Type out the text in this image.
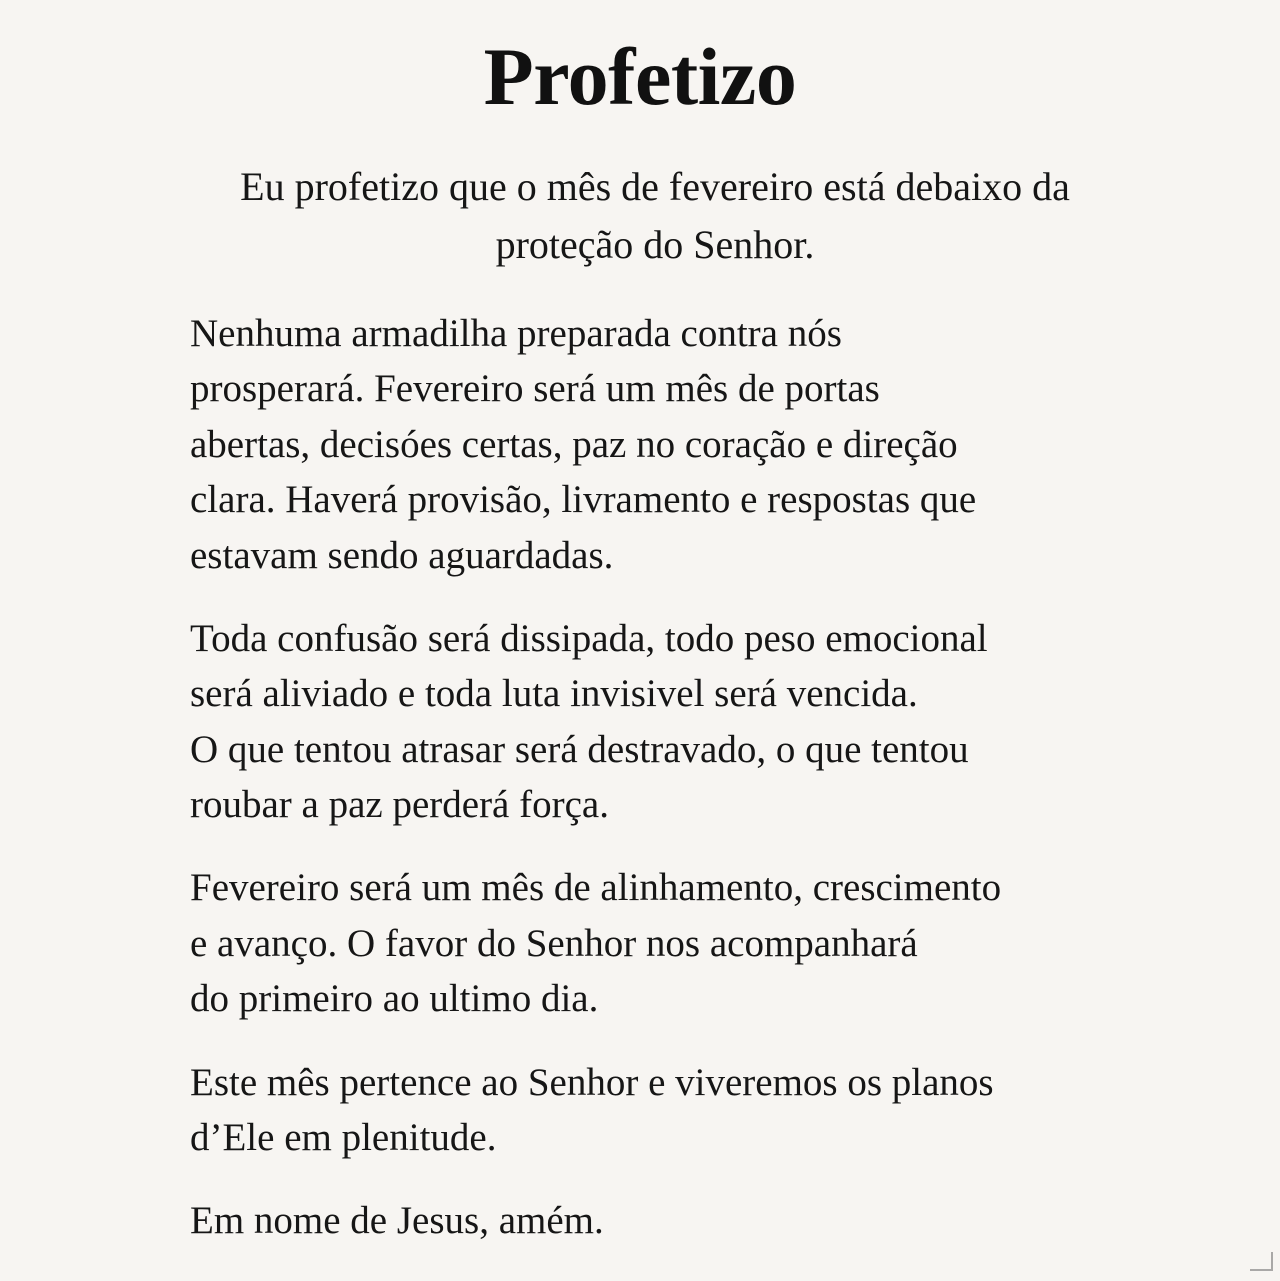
Profetizo

Eu profetizo que o mês de fevereiro está debaixo da proteção do Senhor.

Nenhuma armadilha preparada contra nós
prosperará. Fevereiro será um mês de portas
abertas, decisóes certas, paz no coração e direção
clara. Haverá provisão, livramento e respostas que
estavam sendo aguardadas.

Toda confusão será dissipada, todo peso emocional
será aliviado e toda luta invisivel será vencida.
O que tentou atrasar será destravado, o que tentou
roubar a paz perderá força.

Fevereiro será um mês de alinhamento, crescimento
e avanço. O favor do Senhor nos acompanhará
do primeiro ao ultimo dia.

Este mês pertence ao Senhor e viveremos os planos
d’Ele em plenitude.

Em nome de Jesus, amém.
